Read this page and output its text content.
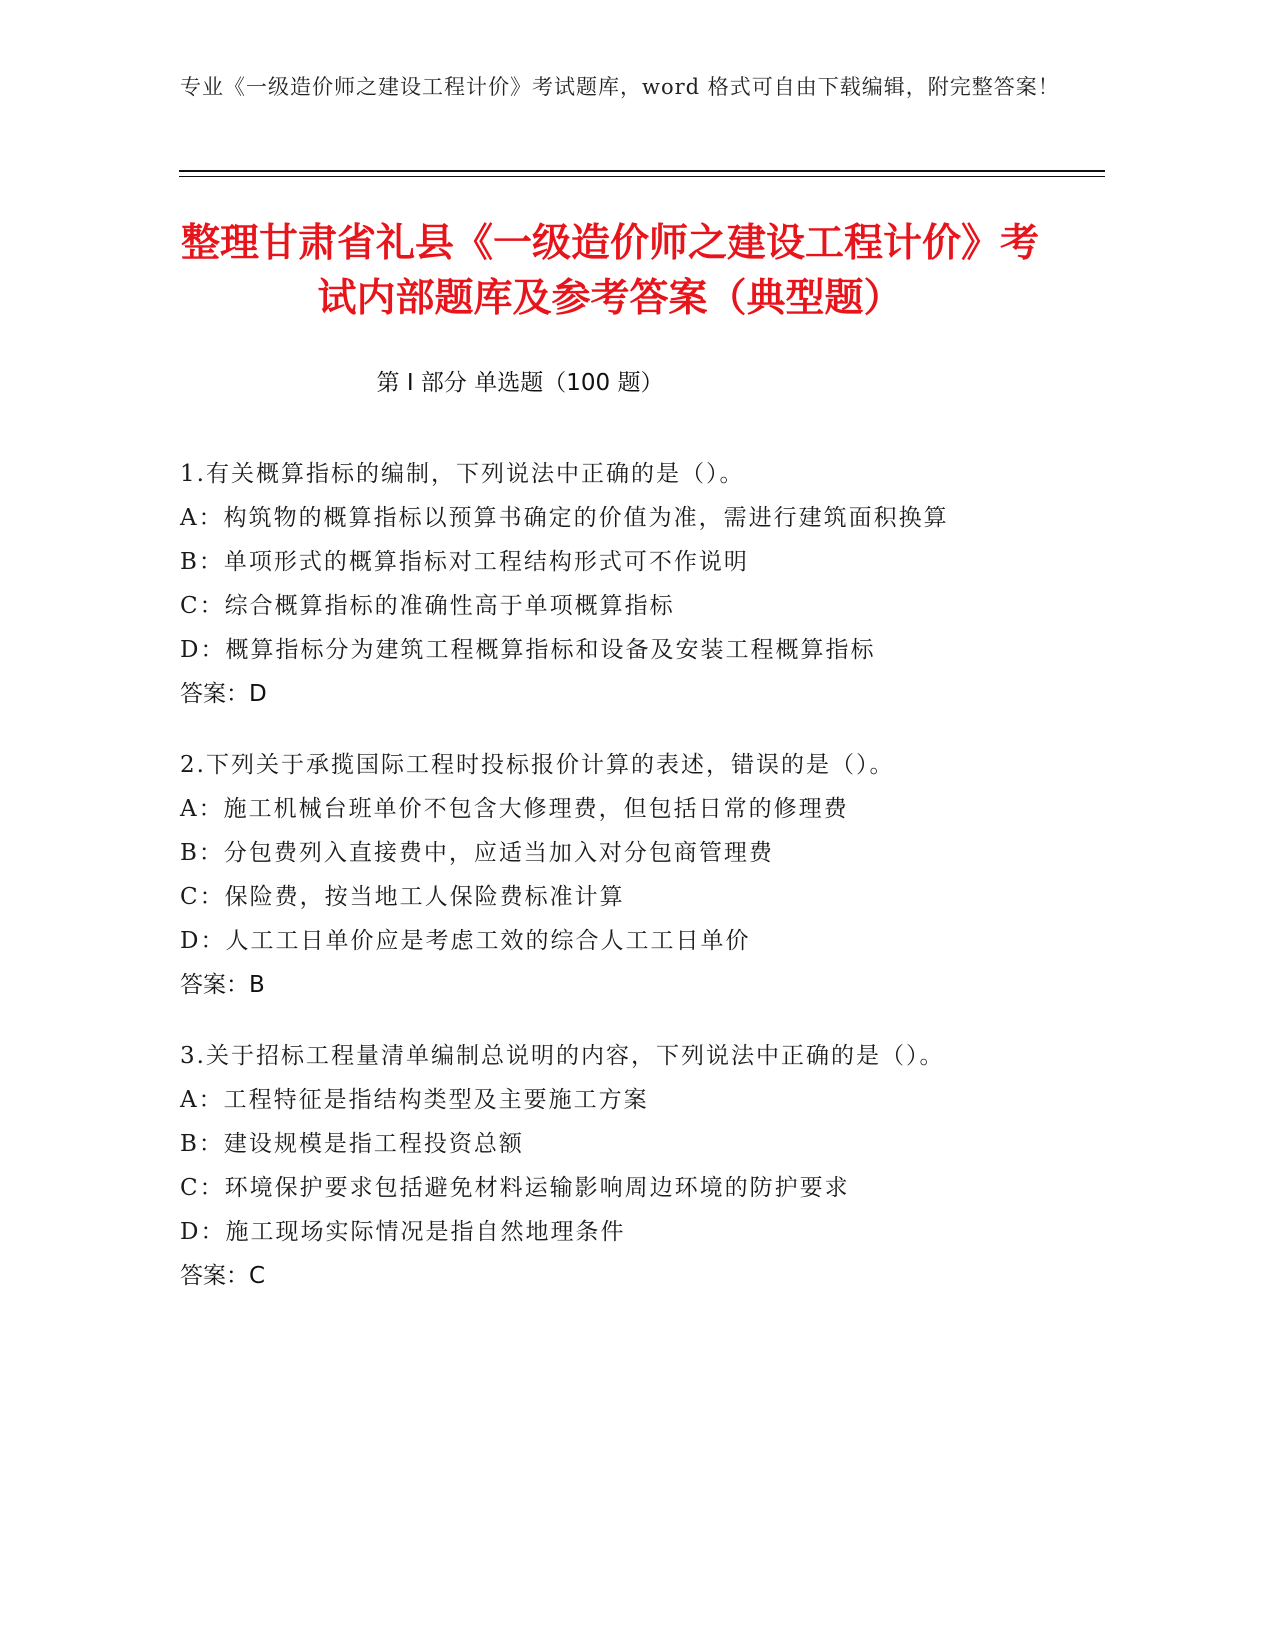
专业《一级造价师之建设工程计价》考试题库，word 格式可自由下载编辑，附完整答案！
整理甘肃省礼县《一级造价师之建设工程计价》考试内部题库及参考答案（典型题）
第 I 部分 单选题（100 题）
1.有关概算指标的编制，下列说法中正确的是（）。
A：构筑物的概算指标以预算书确定的价值为准，需进行建筑面积换算
B：单项形式的概算指标对工程结构形式可不作说明
C：综合概算指标的准确性高于单项概算指标
D：概算指标分为建筑工程概算指标和设备及安装工程概算指标
答案：D
2.下列关于承揽国际工程时投标报价计算的表述，错误的是（）。
A：施工机械台班单价不包含大修理费，但包括日常的修理费
B：分包费列入直接费中，应适当加入对分包商管理费
C：保险费，按当地工人保险费标准计算
D：人工工日单价应是考虑工效的综合人工工日单价
答案：B
3.关于招标工程量清单编制总说明的内容，下列说法中正确的是（）。
A：工程特征是指结构类型及主要施工方案
B：建设规模是指工程投资总额
C：环境保护要求包括避免材料运输影响周边环境的防护要求
D：施工现场实际情况是指自然地理条件
答案：C
